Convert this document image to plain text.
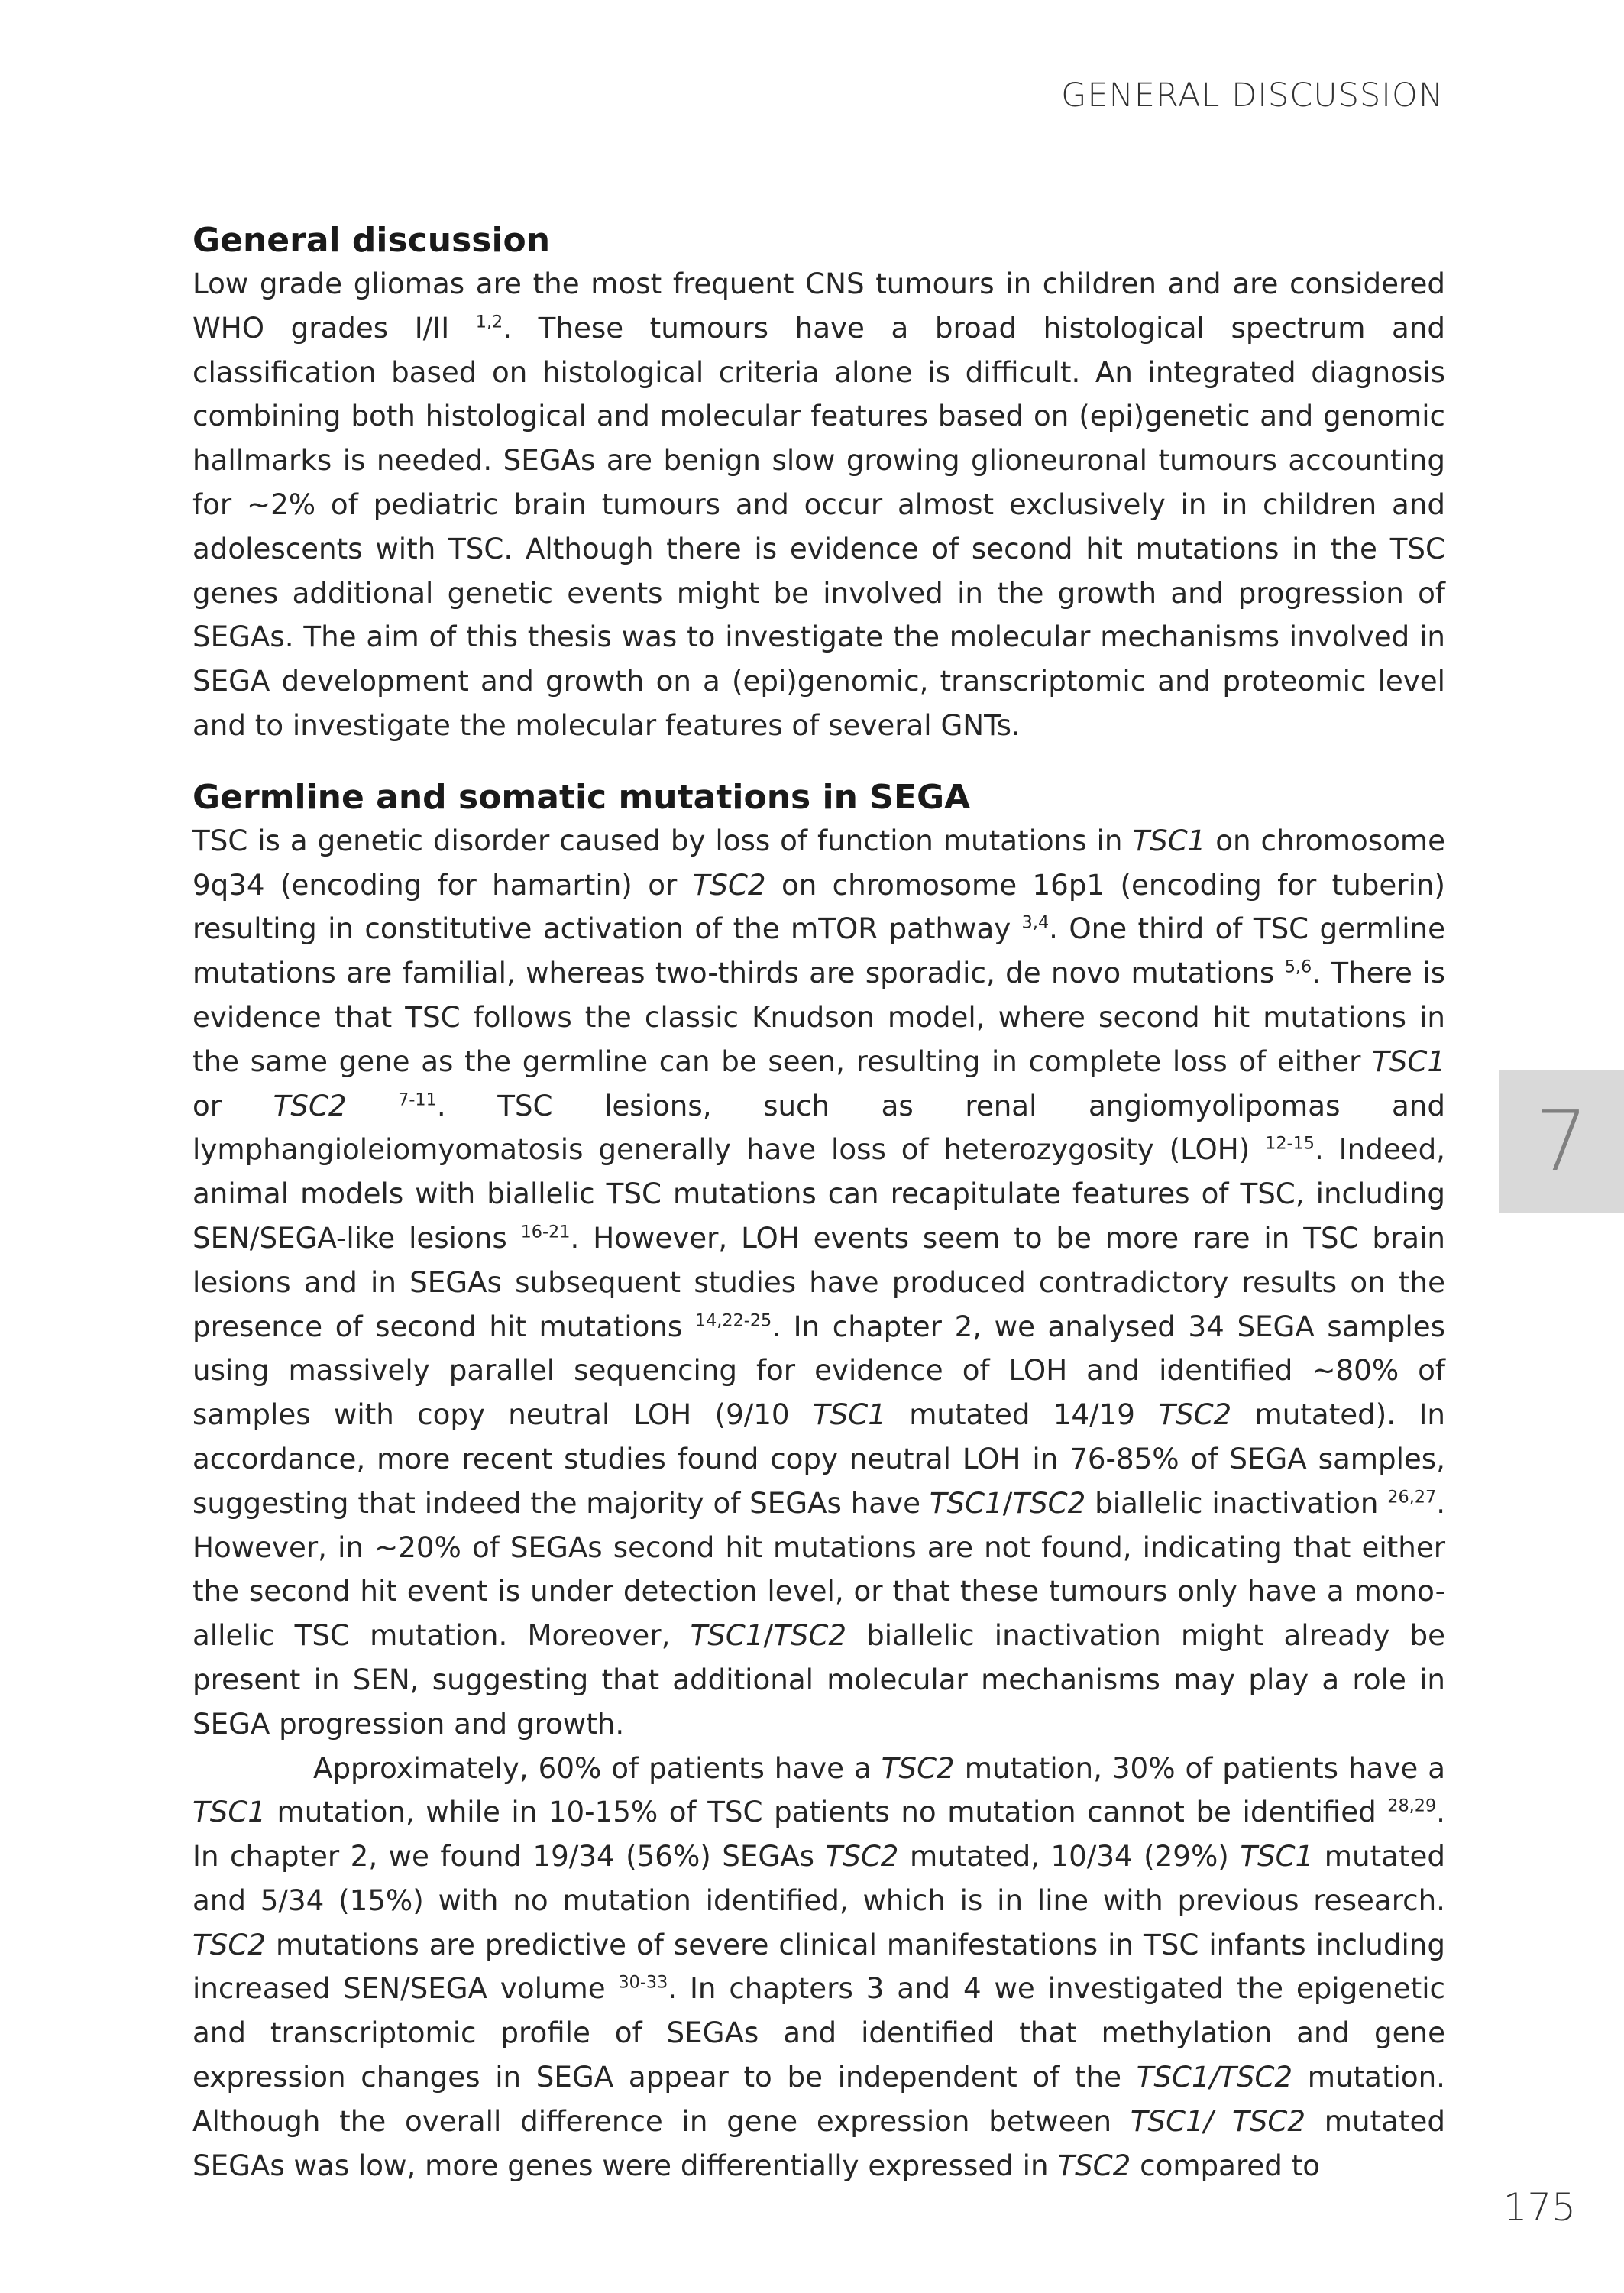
GENERAL DISCUSSION
7
General discussion

Low grade gliomas are the most frequent CNS tumours in children and are considered WHO grades I/II $^{1,2}$. These tumours have a broad histological spectrum and classification based on histological criteria alone is difficult. An integrated diagnosis combining both histological and molecular features based on (epi)genetic and genomic hallmarks is needed. SEGAs are benign slow growing glioneuronal tumours accounting for ~2% of pediatric brain tumours and occur almost exclusively in in children and adolescents with TSC. Although there is evidence of second hit mutations in the TSC genes additional genetic events might be involved in the growth and progression of SEGAs. The aim of this thesis was to investigate the molecular mechanisms involved in SEGA development and growth on a (epi)genomic, transcriptomic and proteomic level and to investigate the molecular features of several GNTs.

Germline and somatic mutations in SEGA

TSC is a genetic disorder caused by loss of function mutations in TSC1 on chromosome 9q34 (encoding for hamartin) or TSC2 on chromosome 16p1 (encoding for tuberin) resulting in constitutive activation of the mTOR pathway $^{3,4}$. One third of TSC germline mutations are familial, whereas two-thirds are sporadic, de novo mutations $^{5,6}$. There is evidence that TSC follows the classic Knudson model, where second hit mutations in the same gene as the germline can be seen, resulting in complete loss of either TSC1 or TSC2	$^{7-11}$. TSC lesions, such as renal angiomyolipomas and lymphangioleiomyomatosis generally have loss of heterozygosity (LOH) $^{12-15}$. Indeed, animal models with biallelic TSC mutations can recapitulate features of TSC, including SEN/SEGA-like lesions $^{16-21}$. However, LOH events seem to be more rare in TSC brain lesions and in SEGAs subsequent studies have produced contradictory results on the presence of second hit mutations $^{14,22-25}$. In chapter 2, we analysed 34 SEGA samples using massively parallel sequencing for evidence of LOH and identified ~80% of samples with copy neutral LOH (9/10 TSC1 mutated 14/19 TSC2 mutated). In accordance, more recent studies found copy neutral LOH in 76-85% of SEGA samples, suggesting that indeed the majority of SEGAs have TSC1/TSC2 biallelic inactivation $^{26,27}$. However, in ~20% of SEGAs second hit mutations are not found, indicating that either the second hit event is under detection level, or that these tumours only have a mono-allelic TSC mutation. Moreover, TSC1/TSC2 biallelic inactivation might already be present in SEN, suggesting that additional molecular mechanisms may play a role in SEGA progression and growth.

Approximately, 60% of patients have a TSC2 mutation, 30% of patients have a TSC1 mutation, while in 10-15% of TSC patients no mutation cannot be identified $^{28,29}$. In chapter 2, we found 19/34 (56%) SEGAs TSC2 mutated, 10/34 (29%) TSC1 mutated and 5/34 (15%) with no mutation identified, which is in line with previous research. TSC2 mutations are predictive of severe clinical manifestations in TSC infants including increased SEN/SEGA volume $^{30-33}$. In chapters 3 and 4 we investigated the epigenetic and transcriptomic profile of SEGAs and identified that methylation and gene expression changes in SEGA appear to be independent of the TSC1/TSC2 mutation. Although the overall difference in gene expression between TSC1/ TSC2 mutated SEGAs was low, more genes were differentially expressed in TSC2 compared to

175
